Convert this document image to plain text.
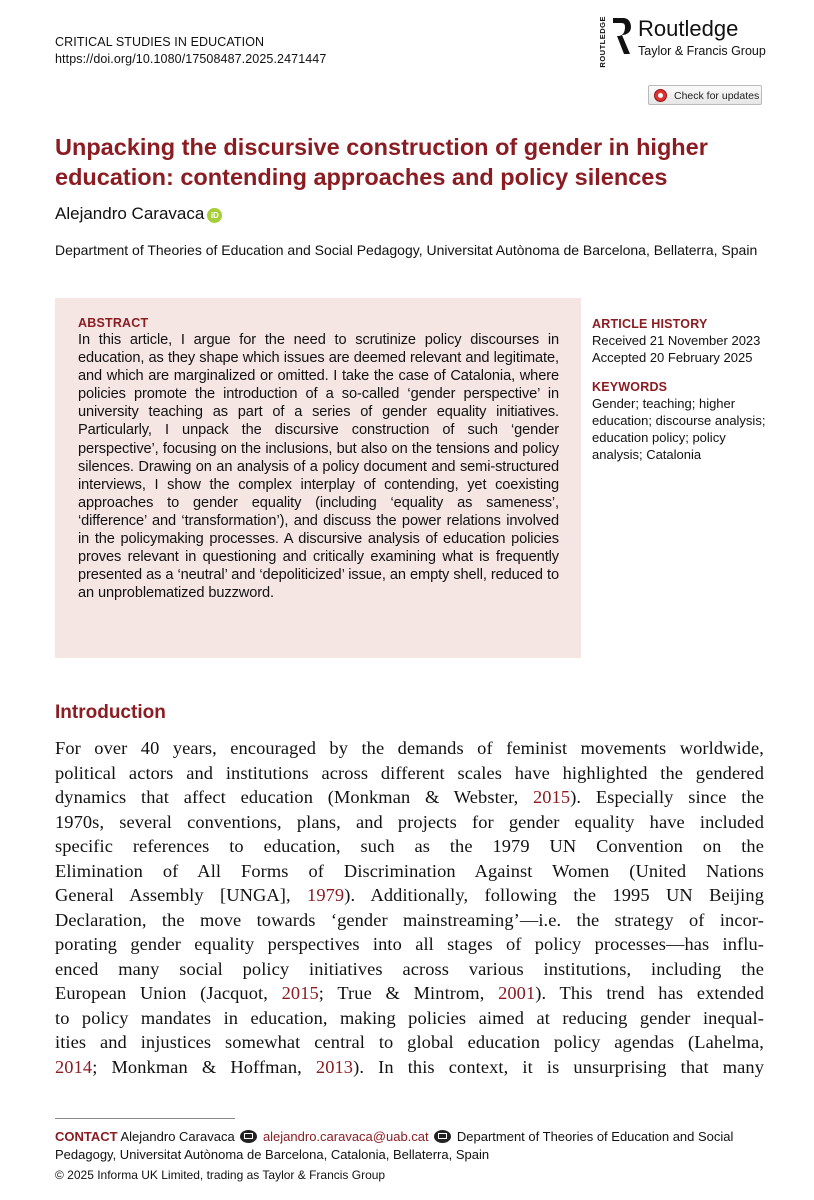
CRITICAL STUDIES IN EDUCATION
https://doi.org/10.1080/17508487.2025.2471447	ROUTLEDGE Routledge
Taylor & Francis Group
Check for updates
Unpacking the discursive construction of gender in higher education: contending approaches and policy silences
Alejandro Caravaca iD
Department of Theories of Education and Social Pedagogy, Universitat Autònoma de Barcelona, Bellaterra, Spain
ABSTRACT
In this article, I argue for the need to scrutinize policy discourses in education, as they shape which issues are deemed relevant and legitimate, and which are marginalized or omitted. I take the case of Catalonia, where policies promote the introduction of a so-called ‘gender perspective’ in university teaching as part of a series of gender equality initiatives. Particularly, I unpack the discursive construction of such ‘gender perspective’, focusing on the inclusions, but also on the tensions and policy silences. Drawing on an analysis of a policy document and semi-structured interviews, I show the complex interplay of contending, yet coexisting approaches to gender equality (including ‘equality as sameness’, ‘difference’ and ‘transformation’), and discuss the power relations involved in the policymaking processes. A discursive analysis of education policies proves relevant in questioning and critically examining what is frequently presented as a ‘neutral’ and ‘depoliticized’ issue, an empty shell, reduced to an unproblematized buzzword.
ARTICLE HISTORY
Received 21 November 2023
Accepted 20 February 2025
KEYWORDS
Gender; teaching; higher education; discourse analysis; education policy; policy analysis; Catalonia
Introduction
For over 40 years, encouraged by the demands of feminist movements worldwide,
political actors and institutions across different scales have highlighted the gendered
dynamics that affect education (Monkman & Webster, 2015). Especially since the
1970s, several conventions, plans, and projects for gender equality have included
specific references to education, such as the 1979 UN Convention on the
Elimination of All Forms of Discrimination Against Women (United Nations
General Assembly [UNGA], 1979). Additionally, following the 1995 UN Beijing
Declaration, the move towards ‘gender mainstreaming’—i.e. the strategy of incor-
porating gender equality perspectives into all stages of policy processes—has influ-
enced many social policy initiatives across various institutions, including the
European Union (Jacquot, 2015; True & Mintrom, 2001). This trend has extended
to policy mandates in education, making policies aimed at reducing gender inequal-
ities and injustices somewhat central to global education policy agendas (Lahelma,
2014; Monkman & Hoffman, 2013). In this context, it is unsurprising that many
CONTACT Alejandro Caravaca alejandro.caravaca@uab.cat Department of Theories of Education and Social Pedagogy, Universitat Autònoma de Barcelona, Catalonia, Bellaterra, Spain
© 2025 Informa UK Limited, trading as Taylor & Francis Group
